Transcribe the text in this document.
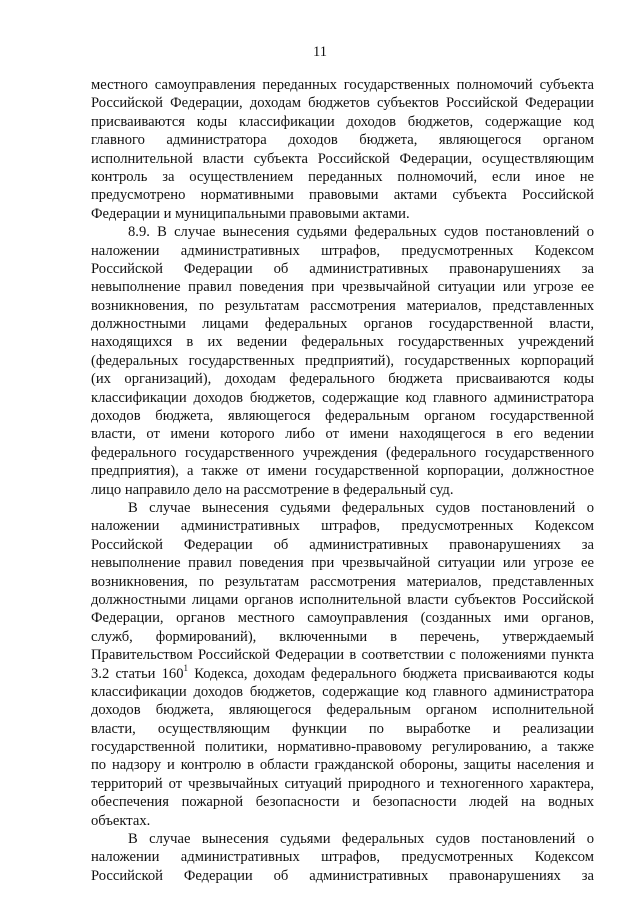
11
местного самоуправления переданных государственных полномочий субъекта
Российской Федерации, доходам бюджетов субъектов Российской Федерации
присваиваются коды классификации доходов бюджетов, содержащие код
главного администратора доходов бюджета, являющегося органом
исполнительной власти субъекта Российской Федерации, осуществляющим
контроль за осуществлением переданных полномочий, если иное не
предусмотрено нормативными правовыми актами субъекта Российской
Федерации и муниципальными правовыми актами.
8.9. В случае вынесения судьями федеральных судов постановлений о
наложении административных штрафов, предусмотренных Кодексом
Российской Федерации об административных правонарушениях за
невыполнение правил поведения при чрезвычайной ситуации или угрозе ее
возникновения, по результатам рассмотрения материалов, представленных
должностными лицами федеральных органов государственной власти,
находящихся в их ведении федеральных государственных учреждений
(федеральных государственных предприятий), государственных корпораций
(их организаций), доходам федерального бюджета присваиваются коды
классификации доходов бюджетов, содержащие код главного администратора
доходов бюджета, являющегося федеральным органом государственной
власти, от имени которого либо от имени находящегося в его ведении
федерального государственного учреждения (федерального государственного
предприятия), а также от имени государственной корпорации, должностное
лицо направило дело на рассмотрение в федеральный суд.
В случае вынесения судьями федеральных судов постановлений о
наложении административных штрафов, предусмотренных Кодексом
Российской Федерации об административных правонарушениях за
невыполнение правил поведения при чрезвычайной ситуации или угрозе ее
возникновения, по результатам рассмотрения материалов, представленных
должностными лицами органов исполнительной власти субъектов Российской
Федерации, органов местного самоуправления (созданных ими органов,
служб, формирований), включенными в перечень, утверждаемый
Правительством Российской Федерации в соответствии с положениями пункта
3.2 статьи $160^1$ Кодекса, доходам федерального бюджета присваиваются коды
классификации доходов бюджетов, содержащие код главного администратора
доходов бюджета, являющегося федеральным органом исполнительной
власти, осуществляющим функции по выработке и реализации
государственной политики, нормативно-правовому регулированию, а также
по надзору и контролю в области гражданской обороны, защиты населения и
территорий от чрезвычайных ситуаций природного и техногенного характера,
обеспечения пожарной безопасности и безопасности людей на водных
объектах.
В случае вынесения судьями федеральных судов постановлений о
наложении административных штрафов, предусмотренных Кодексом
Российской Федерации об административных правонарушениях за
